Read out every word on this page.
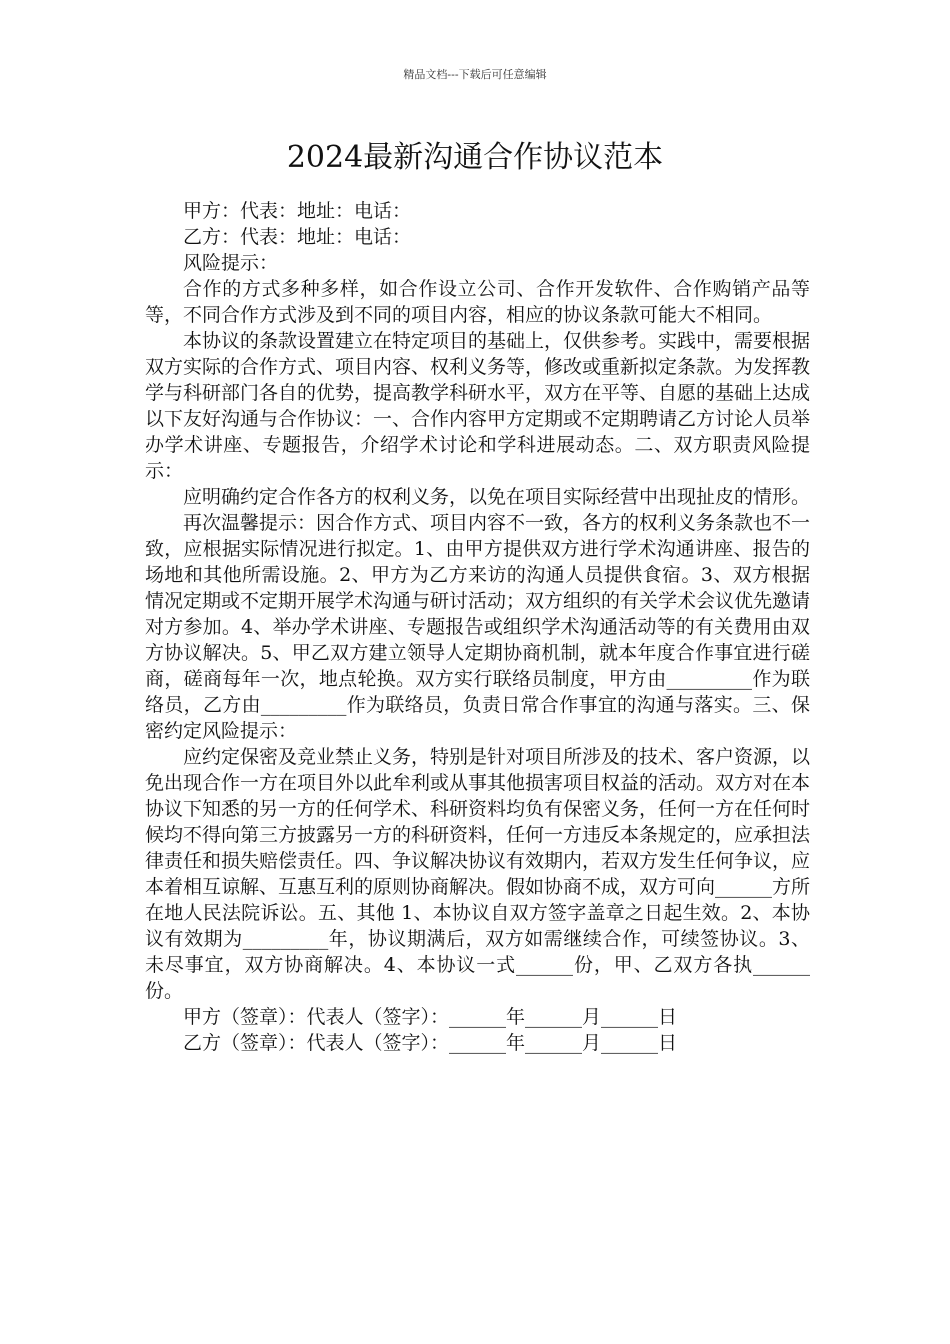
精品文档---下载后可任意编辑
2024最新沟通合作协议范本

甲方：代表：地址：电话：

乙方：代表：地址：电话：

风险提示：

合作的方式多种多样，如合作设立公司、合作开发软件、合作购销产品等等，不同合作方式涉及到不同的项目内容，相应的协议条款可能大不相同。

本协议的条款设置建立在特定项目的基础上，仅供参考。实践中，需要根据双方实际的合作方式、项目内容、权利义务等，修改或重新拟定条款。为发挥教学与科研部门各自的优势，提高教学科研水平，双方在平等、自愿的基础上达成以下友好沟通与合作协议：一、合作内容甲方定期或不定期聘请乙方讨论人员举办学术讲座、专题报告，介绍学术讨论和学科进展动态。二、双方职责风险提示：

应明确约定合作各方的权利义务，以免在项目实际经营中出现扯皮的情形。

再次温馨提示：因合作方式、项目内容不一致，各方的权利义务条款也不一致，应根据实际情况进行拟定。1、由甲方提供双方进行学术沟通讲座、报告的场地和其他所需设施。2、甲方为乙方来访的沟通人员提供食宿。3、双方根据情况定期或不定期开展学术沟通与研讨活动；双方组织的有关学术会议优先邀请对方参加。4、举办学术讲座、专题报告或组织学术沟通活动等的有关费用由双方协议解决。5、甲乙双方建立领导人定期协商机制，就本年度合作事宜进行磋商，磋商每年一次，地点轮换。双方实行联络员制度，甲方由_________作为联络员，乙方由_________作为联络员，负责日常合作事宜的沟通与落实。三、保密约定风险提示：

应约定保密及竞业禁止义务，特别是针对项目所涉及的技术、客户资源，以免出现合作一方在项目外以此牟利或从事其他损害项目权益的活动。双方对在本协议下知悉的另一方的任何学术、科研资料均负有保密义务，任何一方在任何时候均不得向第三方披露另一方的科研资料，任何一方违反本条规定的，应承担法律责任和损失赔偿责任。四、争议解决协议有效期内，若双方发生任何争议，应本着相互谅解、互惠互利的原则协商解决。假如协商不成，双方可向______方所在地人民法院诉讼。五、其他 1、本协议自双方签字盖章之日起生效。2、本协议有效期为_________年，协议期满后，双方如需继续合作，可续签协议。3、未尽事宜，双方协商解决。4、本协议一式______份，甲、乙双方各执______份。

甲方（签章）：代表人（签字）：______年______月______日

乙方（签章）：代表人（签字）：______年______月______日
